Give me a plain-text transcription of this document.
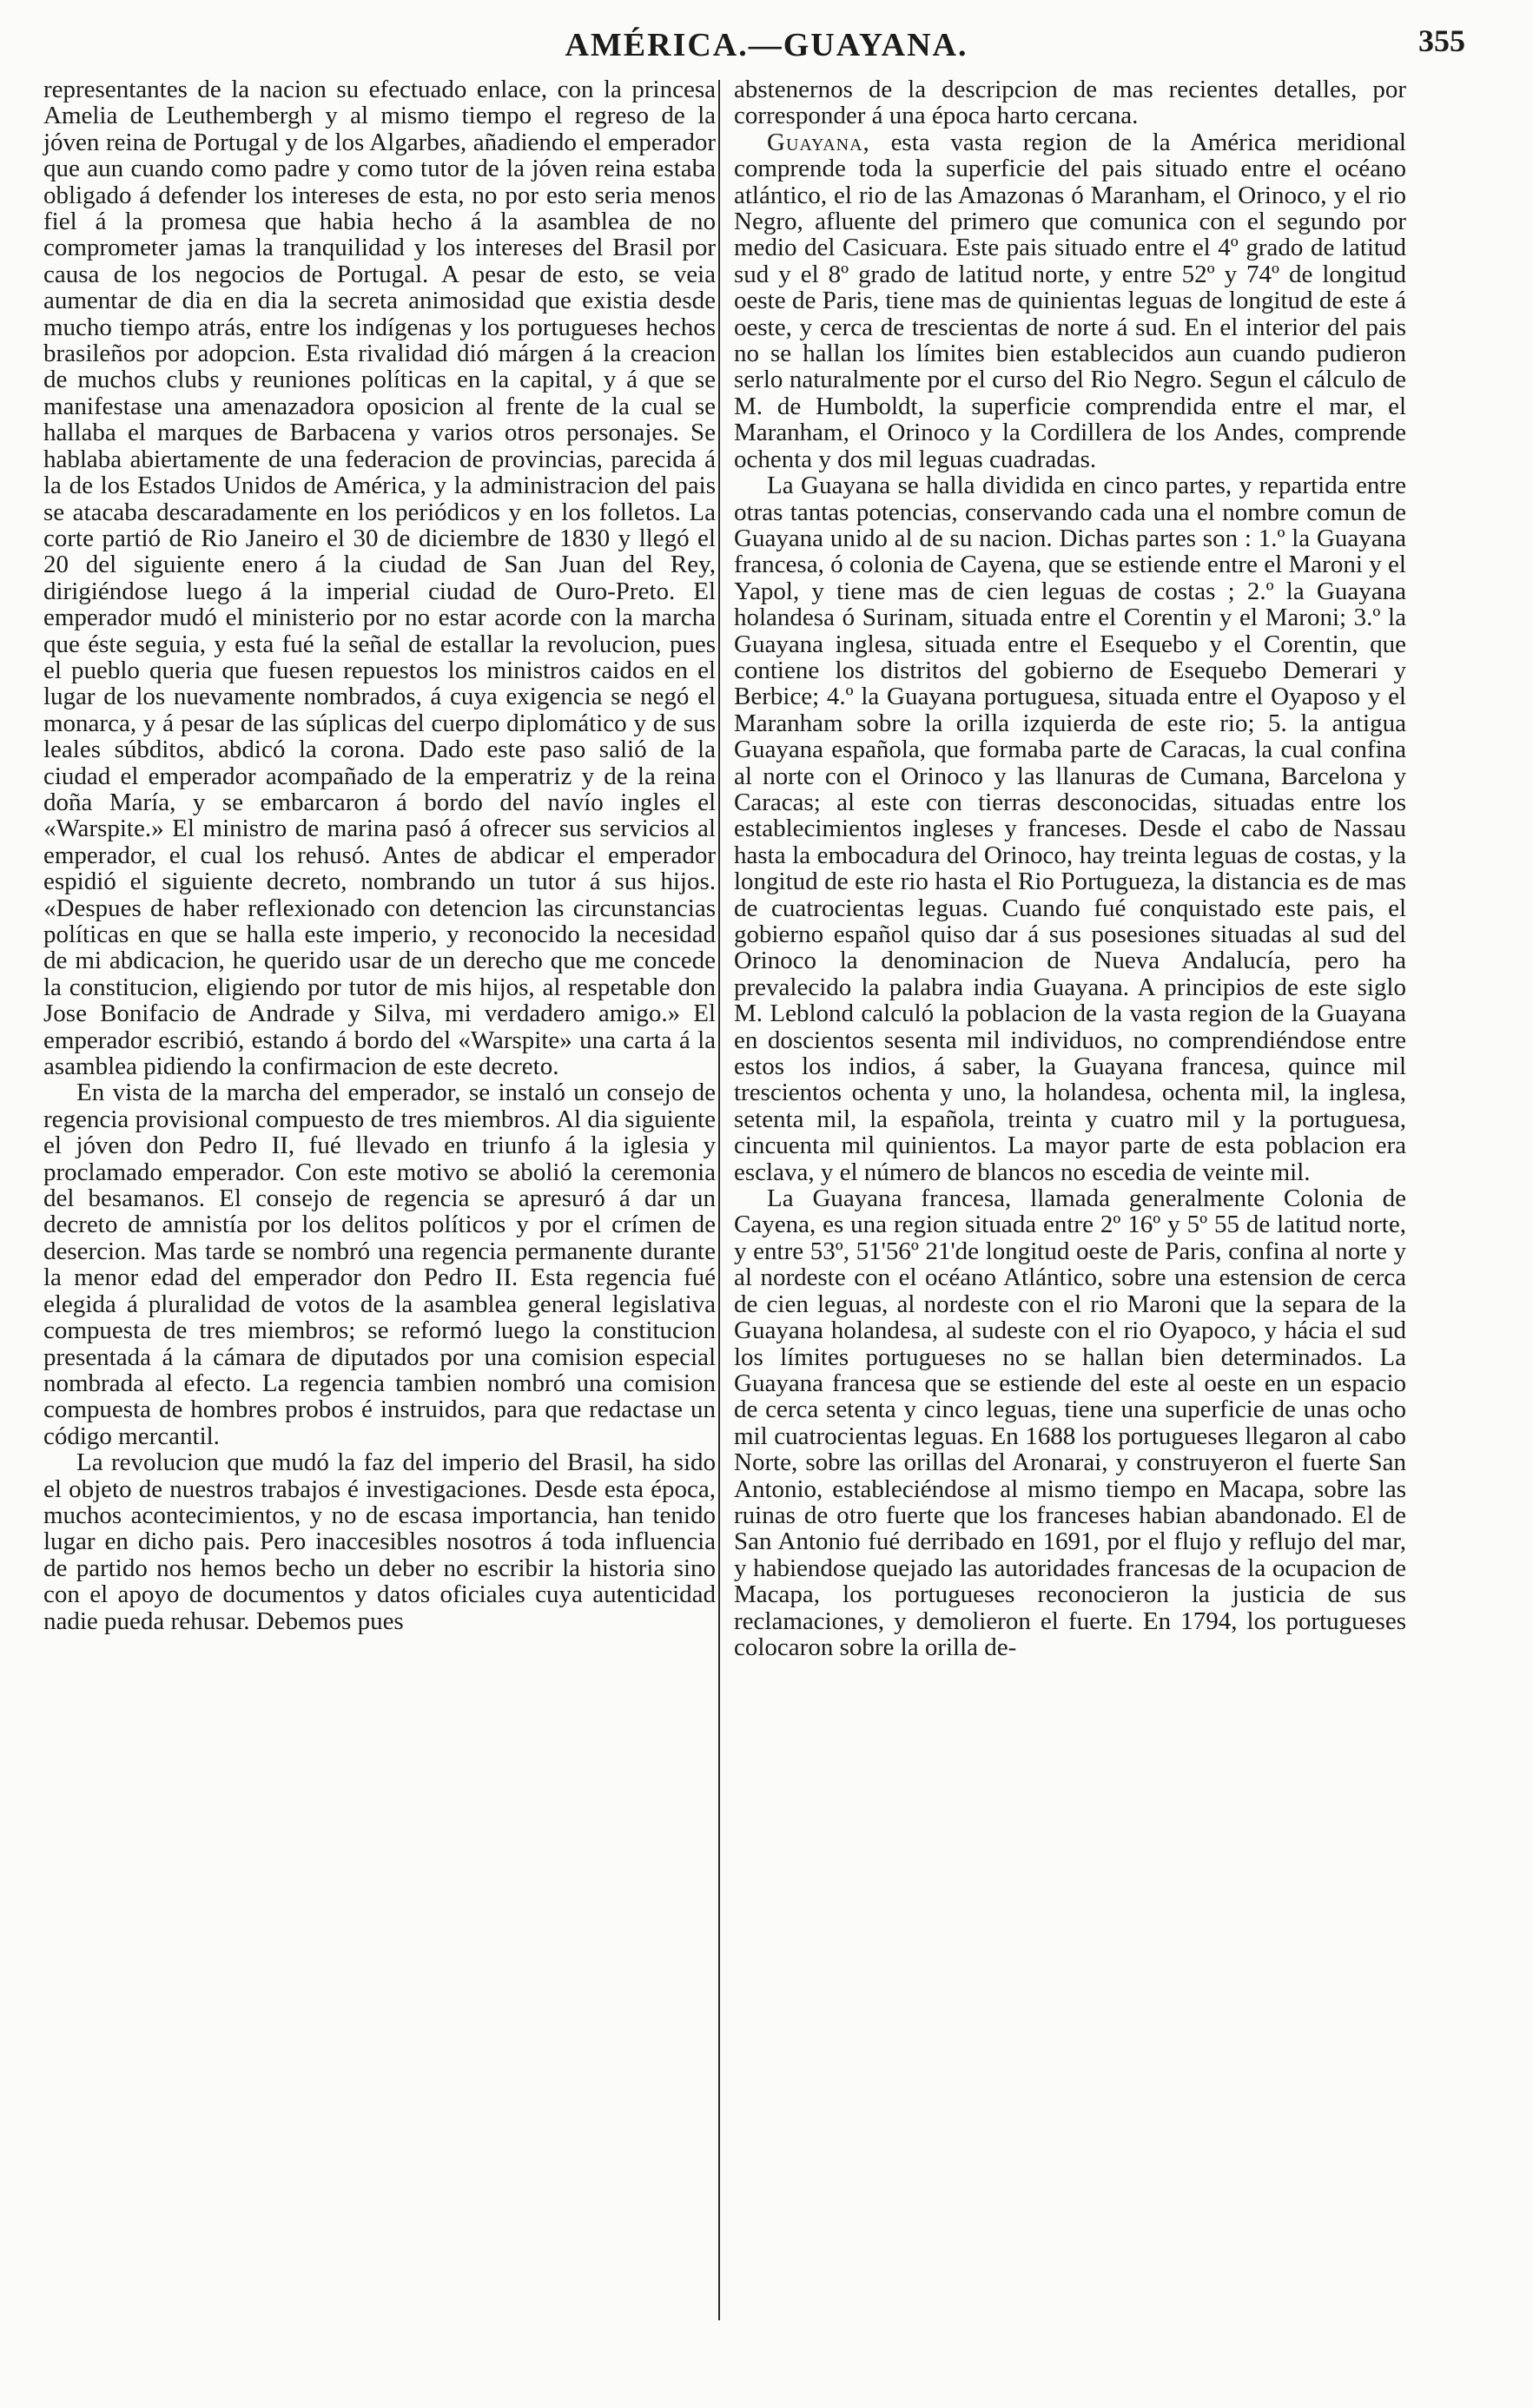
AMÉRICA.—GUAYANA.	355

representantes de la nacion su efectuado enlace, con la princesa Amelia de Leuthembergh y al mismo tiempo el regreso de la jóven reina de Portugal y de los Algarbes, añadiendo el emperador que aun cuando como padre y como tutor de la jóven reina estaba obligado á defender los intereses de esta, no por esto seria menos fiel á la promesa que habia hecho á la asamblea de no comprometer jamas la tranquilidad y los intereses del Brasil por causa de los negocios de Portugal. A pesar de esto, se veia aumentar de dia en dia la secreta animosidad que existia desde mucho tiempo atrás, entre los indígenas y los portugueses hechos brasileños por adopcion. Esta rivalidad dió márgen á la creacion de muchos clubs y reuniones políticas en la capital, y á que se manifestase una amenazadora oposicion al frente de la cual se hallaba el marques de Barbacena y varios otros personajes. Se hablaba abiertamente de una federacion de provincias, parecida á la de los Estados Unidos de América, y la administracion del pais se atacaba descaradamente en los periódicos y en los folletos. La corte partió de Rio Janeiro el 30 de diciembre de 1830 y llegó el 20 del siguiente enero á la ciudad de San Juan del Rey, dirigiéndose luego á la imperial ciudad de Ouro-Preto. El emperador mudó el ministerio por no estar acorde con la marcha que éste seguia, y esta fué la señal de estallar la revolucion, pues el pueblo queria que fuesen repuestos los ministros caidos en el lugar de los nuevamente nombrados, á cuya exigencia se negó el monarca, y á pesar de las súplicas del cuerpo diplomático y de sus leales súbditos, abdicó la corona. Dado este paso salió de la ciudad el emperador acompañado de la emperatriz y de la reina doña María, y se embarcaron á bordo del navío ingles el «Warspite.» El ministro de marina pasó á ofrecer sus servicios al emperador, el cual los rehusó. Antes de abdicar el emperador espidió el siguiente decreto, nombrando un tutor á sus hijos. «Despues de haber reflexionado con detencion las circunstancias políticas en que se halla este imperio, y reconocido la necesidad de mi abdicacion, he querido usar de un derecho que me concede la constitucion, eligiendo por tutor de mis hijos, al respetable don Jose Bonifacio de Andrade y Silva, mi verdadero amigo.» El emperador escribió, estando á bordo del «Warspite» una carta á la asamblea pidiendo la confirmacion de este decreto.

En vista de la marcha del emperador, se instaló un consejo de regencia provisional compuesto de tres miembros. Al dia siguiente el jóven don Pedro II, fué llevado en triunfo á la iglesia y proclamado emperador. Con este motivo se abolió la ceremonia del besamanos. El consejo de regencia se apresuró á dar un decreto de amnistía por los delitos políticos y por el crímen de desercion. Mas tarde se nombró una regencia permanente durante la menor edad del emperador don Pedro II. Esta regencia fué elegida á pluralidad de votos de la asamblea general legislativa compuesta de tres miembros; se reformó luego la constitucion presentada á la cámara de diputados por una comision especial nombrada al efecto. La regencia tambien nombró una comision compuesta de hombres probos é instruidos, para que redactase un código mercantil.

La revolucion que mudó la faz del imperio del Brasil, ha sido el objeto de nuestros trabajos é investigaciones. Desde esta época, muchos acontecimientos, y no de escasa importancia, han tenido lugar en dicho pais. Pero inaccesibles nosotros á toda influencia de partido nos hemos becho un deber no escribir la historia sino con el apoyo de documentos y datos oficiales cuya autenticidad nadie pueda rehusar. Debemos pues

abstenernos de la descripcion de mas recientes detalles, por corresponder á una época harto cercana.

Guayana, esta vasta region de la América meridional comprende toda la superficie del pais situado entre el océano atlántico, el rio de las Amazonas ó Maranham, el Orinoco, y el rio Negro, afluente del primero que comunica con el segundo por medio del Casicuara. Este pais situado entre el 4º grado de latitud sud y el 8º grado de latitud norte, y entre 52º y 74º de longitud oeste de Paris, tiene mas de quinientas leguas de longitud de este á oeste, y cerca de trescientas de norte á sud. En el interior del pais no se hallan los límites bien establecidos aun cuando pudieron serlo naturalmente por el curso del Rio Negro. Segun el cálculo de M. de Humboldt, la superficie comprendida entre el mar, el Maranham, el Orinoco y la Cordillera de los Andes, comprende ochenta y dos mil leguas cuadradas.

La Guayana se halla dividida en cinco partes, y repartida entre otras tantas potencias, conservando cada una el nombre comun de Guayana unido al de su nacion. Dichas partes son : 1.º la Guayana francesa, ó colonia de Cayena, que se estiende entre el Maroni y el Yapol, y tiene mas de cien leguas de costas ; 2.º la Guayana holandesa ó Surinam, situada entre el Corentin y el Maroni; 3.º la Guayana inglesa, situada entre el Esequebo y el Corentin, que contiene los distritos del gobierno de Esequebo Demerari y Berbice; 4.º la Guayana portuguesa, situada entre el Oyaposo y el Maranham sobre la orilla izquierda de este rio; 5. la antigua Guayana española, que formaba parte de Caracas, la cual confina al norte con el Orinoco y las llanuras de Cumana, Barcelona y Caracas; al este con tierras desconocidas, situadas entre los establecimientos ingleses y franceses. Desde el cabo de Nassau hasta la embocadura del Orinoco, hay treinta leguas de costas, y la longitud de este rio hasta el Rio Portugueza, la distancia es de mas de cuatrocientas leguas. Cuando fué conquistado este pais, el gobierno español quiso dar á sus posesiones situadas al sud del Orinoco la denominacion de Nueva Andalucía, pero ha prevalecido la palabra india Guayana. A principios de este siglo M. Leblond calculó la poblacion de la vasta region de la Guayana en doscientos sesenta mil individuos, no comprendiéndose entre estos los indios, á saber, la Guayana francesa, quince mil trescientos ochenta y uno, la holandesa, ochenta mil, la inglesa, setenta mil, la española, treinta y cuatro mil y la portuguesa, cincuenta mil quinientos. La mayor parte de esta poblacion era esclava, y el número de blancos no escedia de veinte mil.

La Guayana francesa, llamada generalmente Colonia de Cayena, es una region situada entre 2º 16º y 5º 55 de latitud norte, y entre 53º, 51'56º 21'de longitud oeste de Paris, confina al norte y al nordeste con el océano Atlántico, sobre una estension de cerca de cien leguas, al nordeste con el rio Maroni que la separa de la Guayana holandesa, al sudeste con el rio Oyapoco, y hácia el sud los límites portugueses no se hallan bien determinados. La Guayana francesa que se estiende del este al oeste en un espacio de cerca setenta y cinco leguas, tiene una superficie de unas ocho mil cuatrocientas leguas. En 1688 los portugueses llegaron al cabo Norte, sobre las orillas del Aronarai, y construyeron el fuerte San Antonio, estableciéndose al mismo tiempo en Macapa, sobre las ruinas de otro fuerte que los franceses habian abandonado. El de San Antonio fué derribado en 1691, por el flujo y reflujo del mar, y habiendose quejado las autoridades francesas de la ocupacion de Macapa, los portugueses reconocieron la justicia de sus reclamaciones, y demolieron el fuerte. En 1794, los portugueses colocaron sobre la orilla de-
